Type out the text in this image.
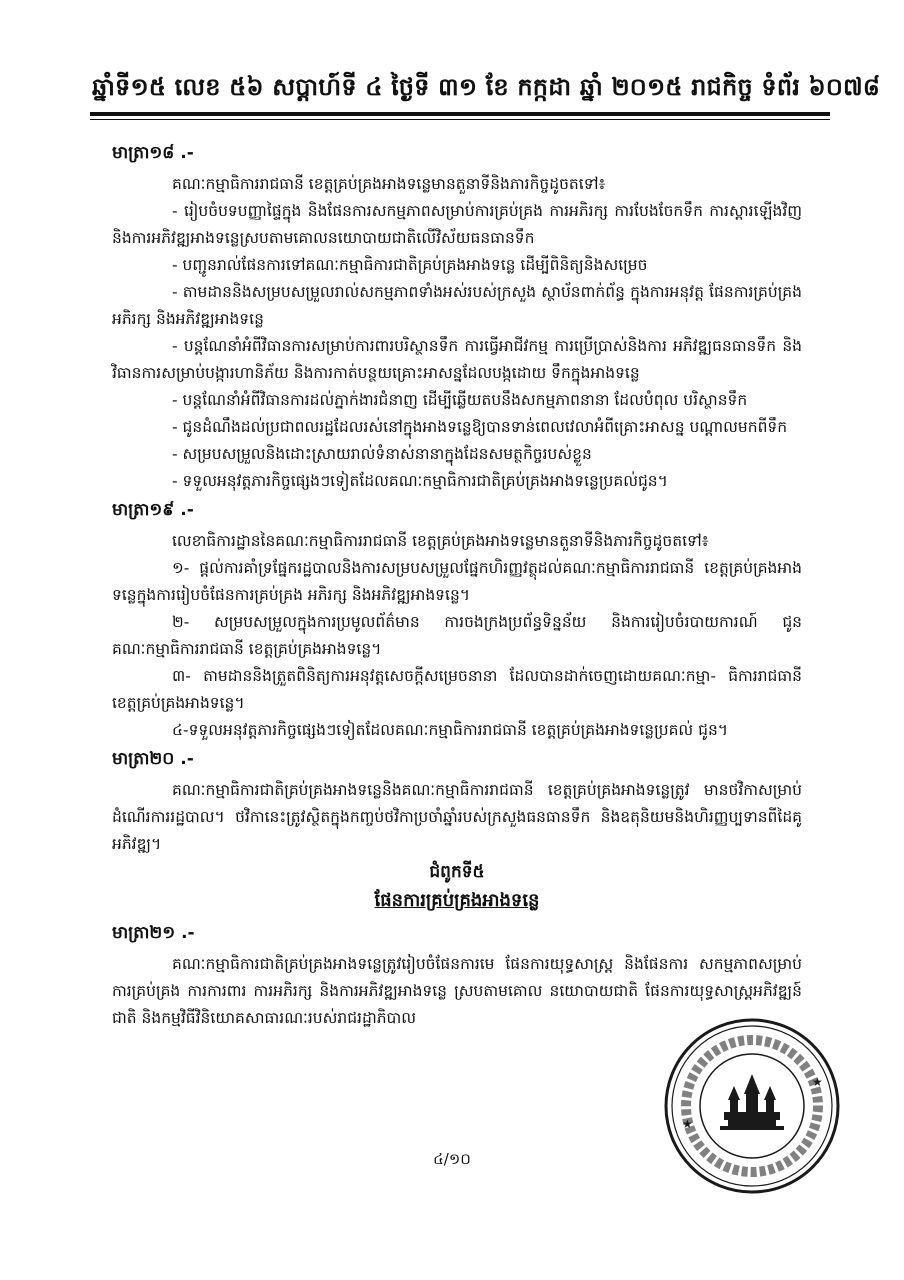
ឆ្នាំទី១៥ លេខ ៥៦ សប្តាហ៍ទី ៤ ថ្ងៃទី ៣១ ខែ កក្កដា ឆ្នាំ ២០១៥ រាជកិច្ច ទំព័រ ៦០៧៨
មាត្រា១៨ .-

គណៈកម្មាធិការរាជធានី ខេត្តគ្រប់គ្រងអាងទន្លេមានតួនាទីនិងភារកិច្ចដូចតទៅ៖

- រៀបចំបទបញ្ញាផ្ទៃក្នុង និងផែនការសកម្មភាពសម្រាប់ការគ្រប់គ្រង ការអភិរក្ស ការបែងចែកទឹក ការស្តារឡើងវិញ និងការអភិវឌ្ឍអាងទន្លេស្របតាមគោលនយោបាយជាតិលើវិស័យធនធានទឹក

- បញ្ជូនរាល់ផែនការទៅគណៈកម្មាធិការជាតិគ្រប់គ្រងអាងទន្លេ ដើម្បីពិនិត្យនិងសម្រេច

- តាមដាននិងសម្របសម្រួលរាល់សកម្មភាពទាំងអស់របស់ក្រសួង ស្ថាប័នពាក់ព័ន្ធ ក្នុងការអនុវត្ត ផែនការគ្រប់គ្រង អភិរក្ស និងអភិវឌ្ឍអាងទន្លេ

- បន្តណែនាំអំពីវិធានការសម្រាប់ការពារបរិស្ថានទឹក ការធ្វើអាជីវកម្ម ការប្រើប្រាស់និងការ អភិវឌ្ឍធនធានទឹក និងវិធានការសម្រាប់បង្ការហានិភ័យ និងការកាត់បន្ថយគ្រោះអាសន្នដែលបង្កដោយ ទឹកក្នុងអាងទន្លេ

- បន្តណែនាំអំពីវិធានការដល់ភ្នាក់ងារជំនាញ ដើម្បីឆ្លើយតបនឹងសកម្មភាពនានា ដែលបំពុល បរិស្ថានទឹក

- ជូនដំណឹងដល់ប្រជាពលរដ្ឋដែលរស់នៅក្នុងអាងទន្លេឱ្យបានទាន់ពេលវេលាអំពីគ្រោះអាសន្ន បណ្តាលមកពីទឹក

- សម្របសម្រួលនិងដោះស្រាយរាល់ទំនាស់នានាក្នុងដែនសមត្ថកិច្ចរបស់ខ្លួន

- ទទួលអនុវត្តភារកិច្ចផ្សេងៗទៀតដែលគណៈកម្មាធិការជាតិគ្រប់គ្រងអាងទន្លេប្រគល់ជូន។

មាត្រា១៩ .-

លេខាធិការដ្ឋាននៃគណៈកម្មាធិការរាជធានី ខេត្តគ្រប់គ្រងអាងទន្លេមានតួនាទីនិងភារកិច្ចដូចតទៅ៖

១- ផ្តល់ការគាំទ្រផ្នែករដ្ឋបាលនិងការសម្របសម្រួលផ្នែកហិរញ្ញវត្ថុដល់គណៈកម្មាធិការរាជធានី ខេត្តគ្រប់គ្រងអាងទន្លេក្នុងការរៀបចំផែនការគ្រប់គ្រង អភិរក្ស និងអភិវឌ្ឍអាងទន្លេ។

២- សម្របសម្រួលក្នុងការប្រមូលព័ត៌មាន ការចងក្រងប្រព័ន្ធទិន្នន័យ និងការរៀបចំរបាយការណ៍ ជូនគណៈកម្មាធិការរាជធានី ខេត្តគ្រប់គ្រងអាងទន្លេ។

៣- តាមដាននិងត្រួតពិនិត្យការអនុវត្តសេចក្តីសម្រេចនានា ដែលបានដាក់ចេញដោយគណៈកម្មា- ធិការរាជធានី ខេត្តគ្រប់គ្រងអាងទន្លេ។

៤-ទទួលអនុវត្តភារកិច្ចផ្សេងៗទៀតដែលគណៈកម្មាធិការរាជធានី ខេត្តគ្រប់គ្រងអាងទន្លេប្រគល់ ជូន។

មាត្រា២០ .-

គណៈកម្មាធិការជាតិគ្រប់គ្រងអាងទន្លេនិងគណៈកម្មាធិការរាជធានី ខេត្តគ្រប់គ្រងអាងទន្លេត្រូវ មានថវិកាសម្រាប់ដំណើរការរដ្ឋបាល។ ថវិកានេះត្រូវស្ថិតក្នុងកញ្ចប់ថវិកាប្រចាំឆ្នាំរបស់ក្រសួងធនធានទឹក និងឧតុនិយមនិងហិរញ្ញប្បទានពីដៃគូអភិវឌ្ឍ។

ជំពូកទី៥
ផែនការគ្រប់គ្រងអាងទន្លេ
មាត្រា២១ .-

គណៈកម្មាធិការជាតិគ្រប់គ្រងអាងទន្លេត្រូវរៀបចំផែនការមេ ផែនការយុទ្ធសាស្ត្រ និងផែនការ សកម្មភាពសម្រាប់ការគ្រប់គ្រង ការការពារ ការអភិរក្ស និងការអភិវឌ្ឍអាងទន្លេ ស្របតាមគោល នយោបាយជាតិ ផែនការយុទ្ធសាស្ត្រអភិវឌ្ឍន៍ជាតិ និងកម្មវិធីវិនិយោគសាធារណៈរបស់រាជរដ្ឋាភិបាល

៤/១០
★
★
